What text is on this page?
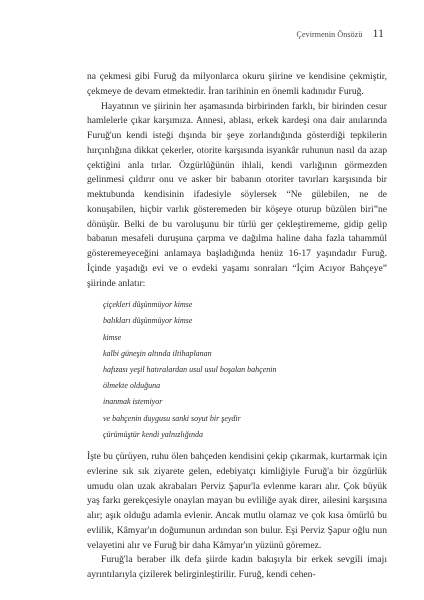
Çevirmenin Önsözü 11

na çekmesi gibi Furuğ da milyonlarca okuru şiirine ve kendisine çekmiştir, çekmeye de devam etmektedir. İran tarihinin en önemli kadınıdır Furuğ.

Hayatının ve şiirinin her aşamasında birbirinden farklı, bir birinden cesur hamlelerle çıkar karşımıza. Annesi, ablası, erkek kardeşi ona dair anılarında Furuğ'un kendi isteği dışında bir şeye zorlandığında gösterdiği tepkilerin hırçınlığına dikkat çekerler, otorite karşısında isyankâr ruhunun nasıl da azap çektiğini anla tırlar. Özgürlüğünün ihlali, kendi varlığının görmezden gelinmesi çıldırır onu ve asker bir babanın otoriter tavırları karşısında bir mektubunda kendisinin ifadesiyle söylersek “Ne gülebilen, ne de konuşabilen, hiçbir varlık gösteremeden bir köşeye oturup büzülen biri”ne dönüşür. Belki de bu varoluşunu bir türlü ger çekleştirememe, gidip gelip babanın mesafeli duruşuna çarpma ve dağılma haline daha fazla tahammül gösteremeyeceğini anlamaya başladığında henüz 16-17 yaşındadır Furuğ. İçinde yaşadığı evi ve o evdeki yaşamı sonraları “İçim Acıyor Bahçeye” şiirinde anlatır:

çiçekleri düşünmüyor kimse
balıkları düşünmüyor kimse
kimse
kalbi güneşin altında iltihaplanan
hafızası yeşil hatıralardan usul usul boşalan bahçenin
ölmekte olduğuna
inanmak istemiyor
ve bahçenin duygusu sanki soyut bir şeydir
çürümüştür kendi yalnızlığında

İşte bu çürüyen, ruhu ölen bahçeden kendisini çekip çıkarmak, kurtarmak için evlerine sık sık ziyarete gelen, edebiyatçı kimliğiyle Furuğ'a bir özgürlük umudu olan uzak akrabaları Perviz Şapur'la evlenme kararı alır. Çok büyük yaş farkı gerekçesiyle onaylan mayan bu evliliğe ayak direr, ailesini karşısına alır; aşık olduğu adamla evlenir. Ancak mutlu olamaz ve çok kısa ömürlü bu evlilik, Kâmyar'ın doğumunun ardından son bulur. Eşi Perviz Şapur oğlu nun velayetini alır ve Furuğ bir daha Kâmyar'ın yüzünü göremez.

Furuğ'la beraber ilk defa şiirde kadın bakışıyla bir erkek sevgili imajı ayrıntılarıyla çizilerek belirginleştirilir. Furuğ, kendi cehen-
